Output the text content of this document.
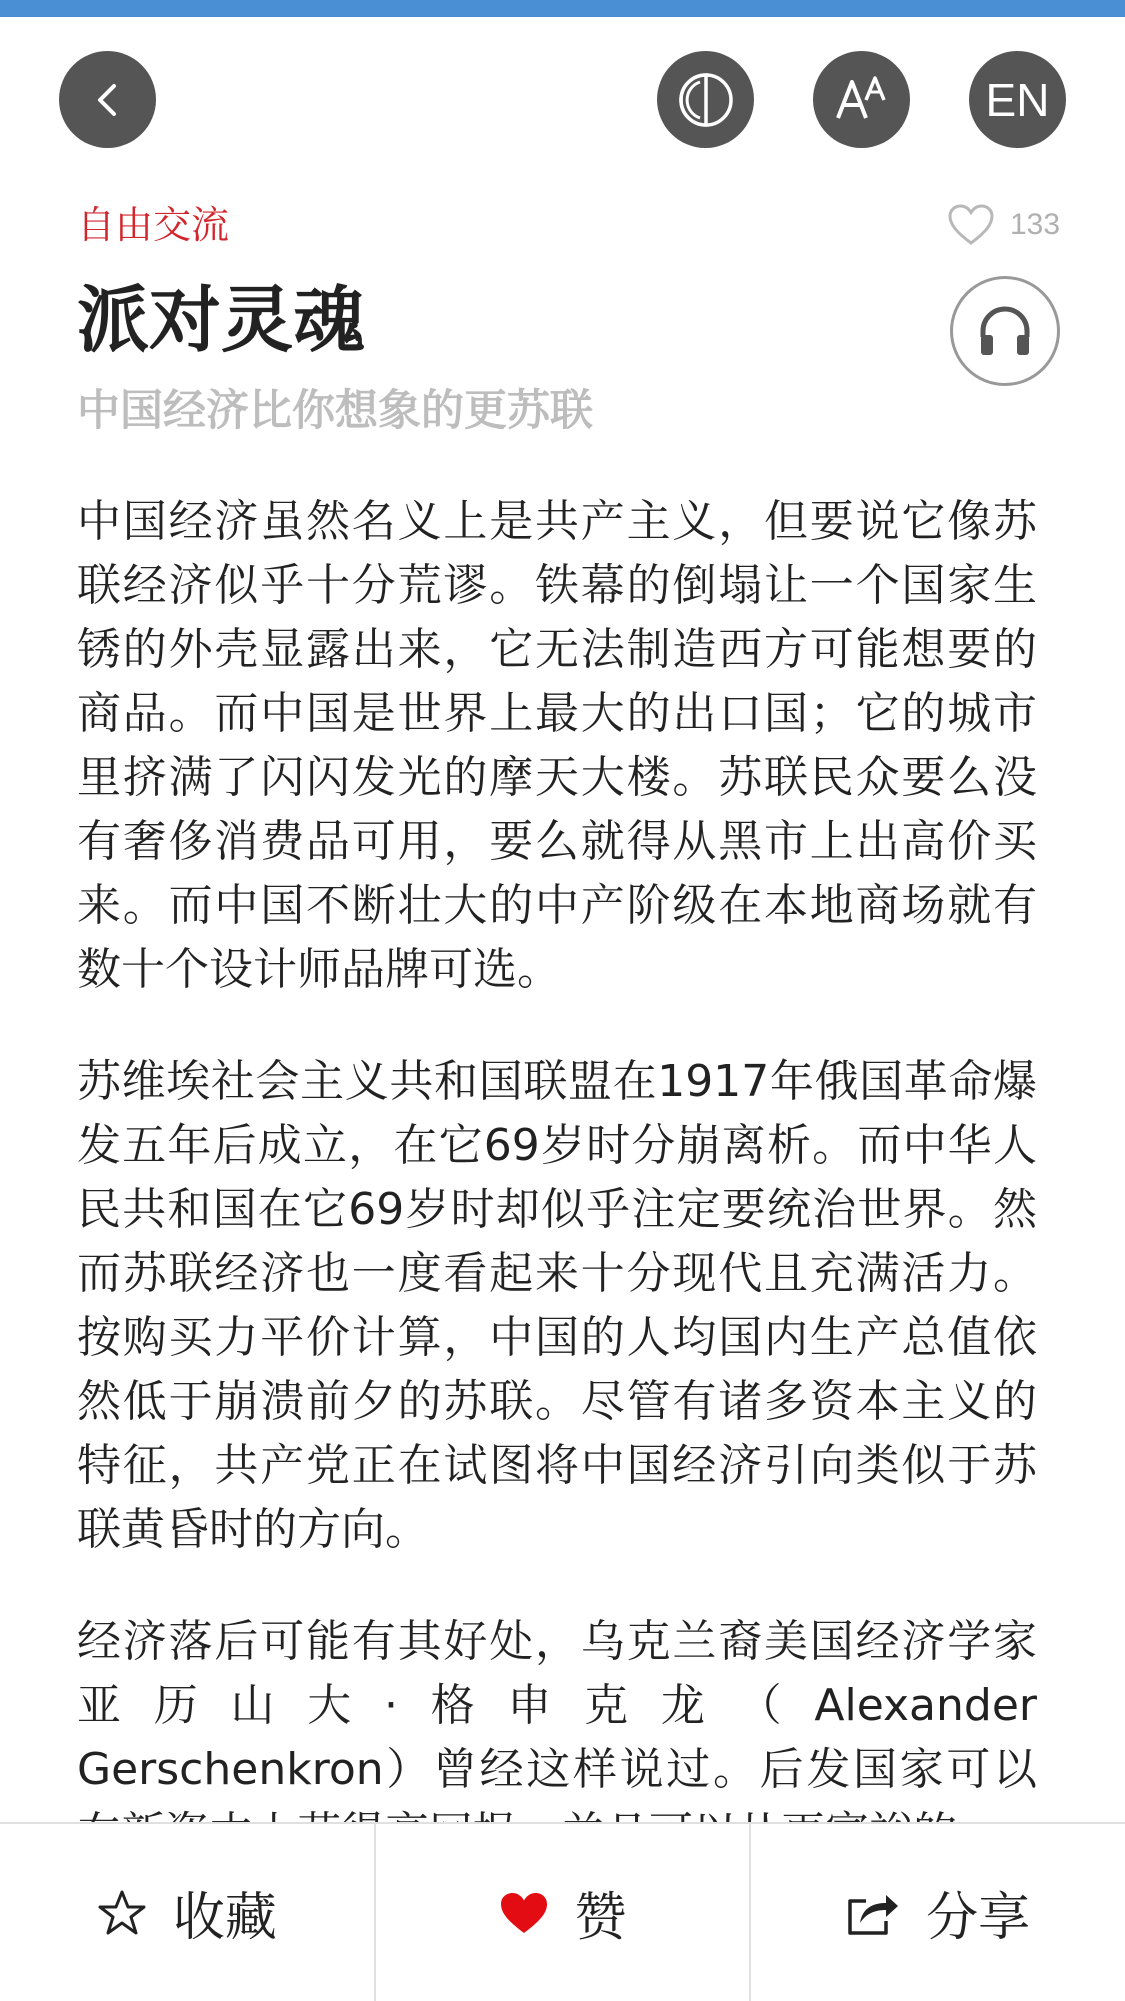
EN
自由交流	133
派对灵魂
中国经济比你想象的更苏联

中国经济虽然名义上是共产主义，但要说它像苏联经济似乎十分荒谬。铁幕的倒塌让一个国家生锈的外壳显露出来，它无法制造西方可能想要的商品。而中国是世界上最大的出口国；它的城市里挤满了闪闪发光的摩天大楼。苏联民众要么没有奢侈消费品可用，要么就得从黑市上出高价买来。而中国不断壮大的中产阶级在本地商场就有数十个设计师品牌可选。

苏维埃社会主义共和国联盟在1917年俄国革命爆发五年后成立，在它69岁时分崩离析。而中华人民共和国在它69岁时却似乎注定要统治世界。然而苏联经济也一度看起来十分现代且充满活力。按购买力平价计算，中国的人均国内生产总值依然低于崩溃前夕的苏联。尽管有诸多资本主义的特征，共产党正在试图将中国经济引向类似于苏联黄昏时的方向。

经济落后可能有其好处，乌克兰裔美国经济学家亚历山大·格申克龙（Alexander Gerschenkron）曾经这样说过。后发国家可以

收藏	赞	分享
